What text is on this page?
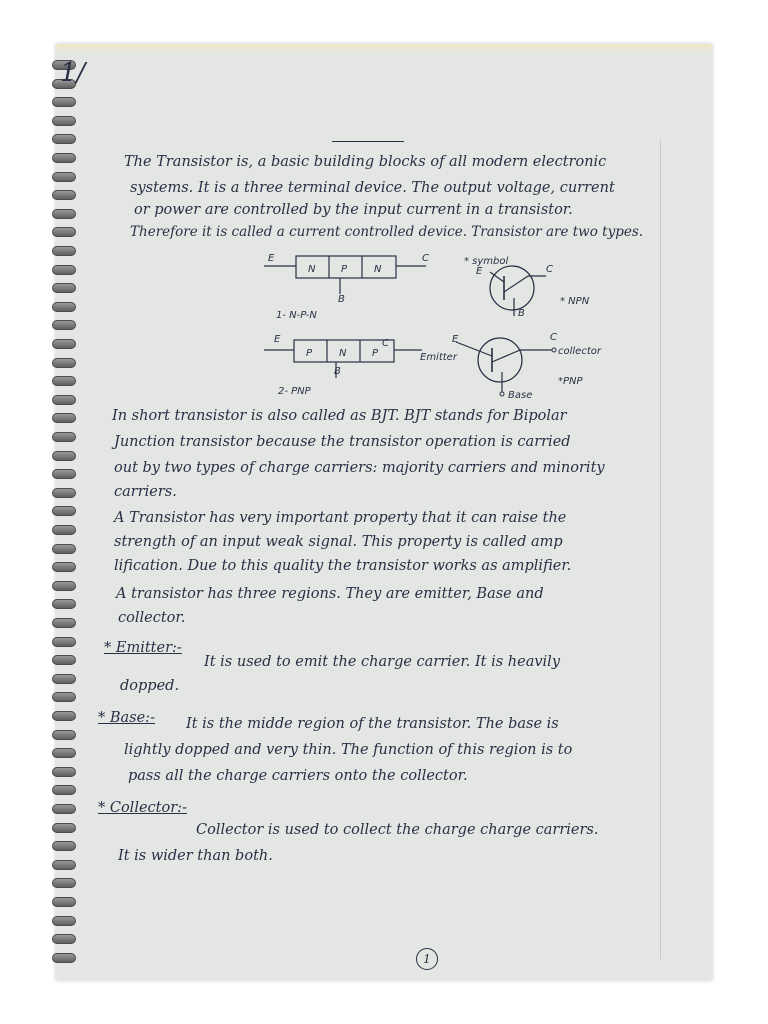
1/
The Transistor is, a basic building blocks of all modern electronic
systems. It is a three terminal device. The output voltage, current
or power are controlled by the input current in a transistor.
Therefore it is called a current controlled device. Transistor are two types.
E	C
N	P	N
B
1- N-P-N
E	C
P	N	P
B
2- PNP
* symbol
E	C
B
* NPN
E	C
Emitter
collector
Base
*PNP
In short transistor is also called as BJT. BJT stands for Bipolar
Junction transistor because the transistor operation is carried
out by two types of charge carriers: majority carriers and minority
carriers.
A Transistor has very important property that it can raise the
strength of an input weak signal. This property is called amp
lification. Due to this quality the transistor works as amplifier.
A transistor has three regions. They are emitter, Base and
collector.
* Emitter:-
It is used to emit the charge carrier. It is heavily
dopped.
* Base:- It is the midde region of the transistor. The base is
lightly dopped and very thin. The function of this region is to
pass all the charge carriers onto the collector.
* Collector:-
Collector is used to collect the charge charge carriers.
It is wider than both.
1
